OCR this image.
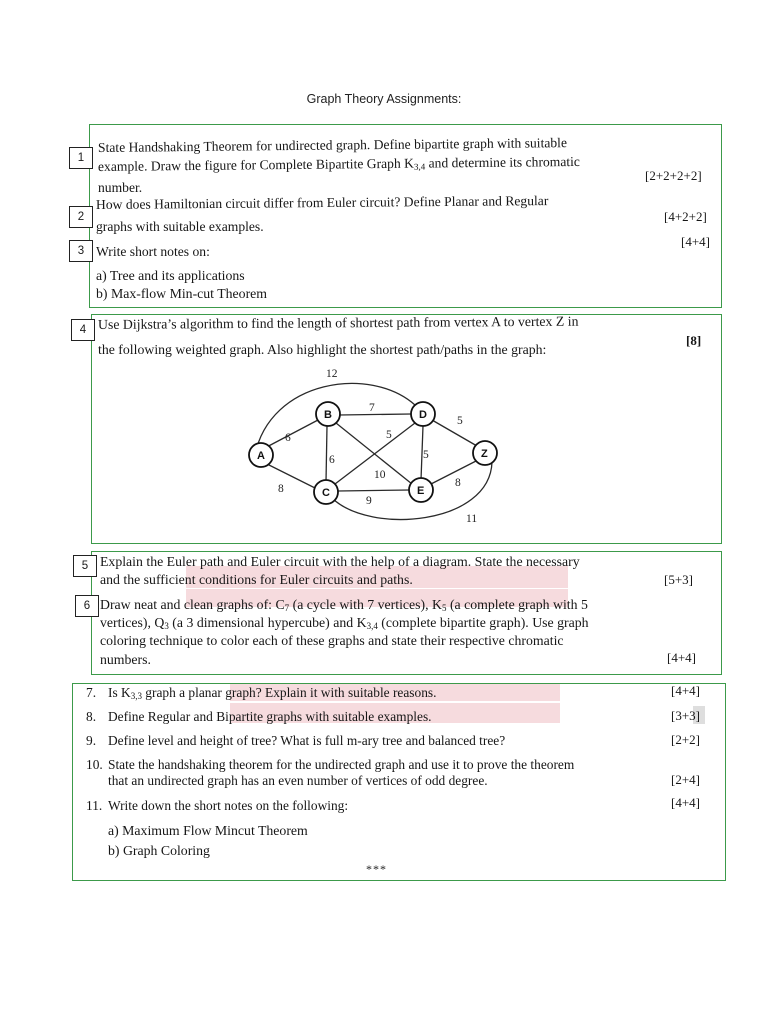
Graph Theory Assignments:
1
State Handshaking Theorem for undirected graph. Define bipartite graph with suitable
example. Draw the figure for Complete Bipartite Graph $K_{3,4}$ and determine its chromatic
number.
[2+2+2+2]
2
How does Hamiltonian circuit differ from Euler circuit? Define Planar and Regular
graphs with suitable examples.
[4+2+2]
3 Write short notes on:
[4+4]
a) Tree and its applications
b) Max-flow Min-cut Theorem
4 Use Dijkstra’s algorithm to find the length of shortest path from vertex A to vertex Z in
the following weighted graph. Also highlight the shortest path/paths in the graph:
[8]
12
6
8
7
6
10
5
5
5
8
9
11
A
B
C
D
E
Z
5 Explain the Euler path and Euler circuit with the help of a diagram. State the necessary
and the sufficient conditions for Euler circuits and paths.	[5+3]
6 Draw neat and clean graphs of: $C_7$ (a cycle with 7 vertices), $K_5$ (a complete graph with 5
vertices), $Q_3$ (a 3 dimensional hypercube) and $K_{3,4}$ (complete bipartite graph). Use graph
coloring technique to color each of these graphs and state their respective chromatic
numbers.	[4+4]
7. Is $K_{3,3}$ graph a planar graph? Explain it with suitable reasons.	[4+4]
8. Define Regular and Bipartite graphs with suitable examples.	[3+3]
9. Define level and height of tree? What is full m-ary tree and balanced tree?	[2+2]
10. State the handshaking theorem for the undirected graph and use it to prove the theorem
that an undirected graph has an even number of vertices of odd degree.	[2+4]
11. Write down the short notes on the following:	[4+4]
a) Maximum Flow Mincut Theorem
b) Graph Coloring
***
